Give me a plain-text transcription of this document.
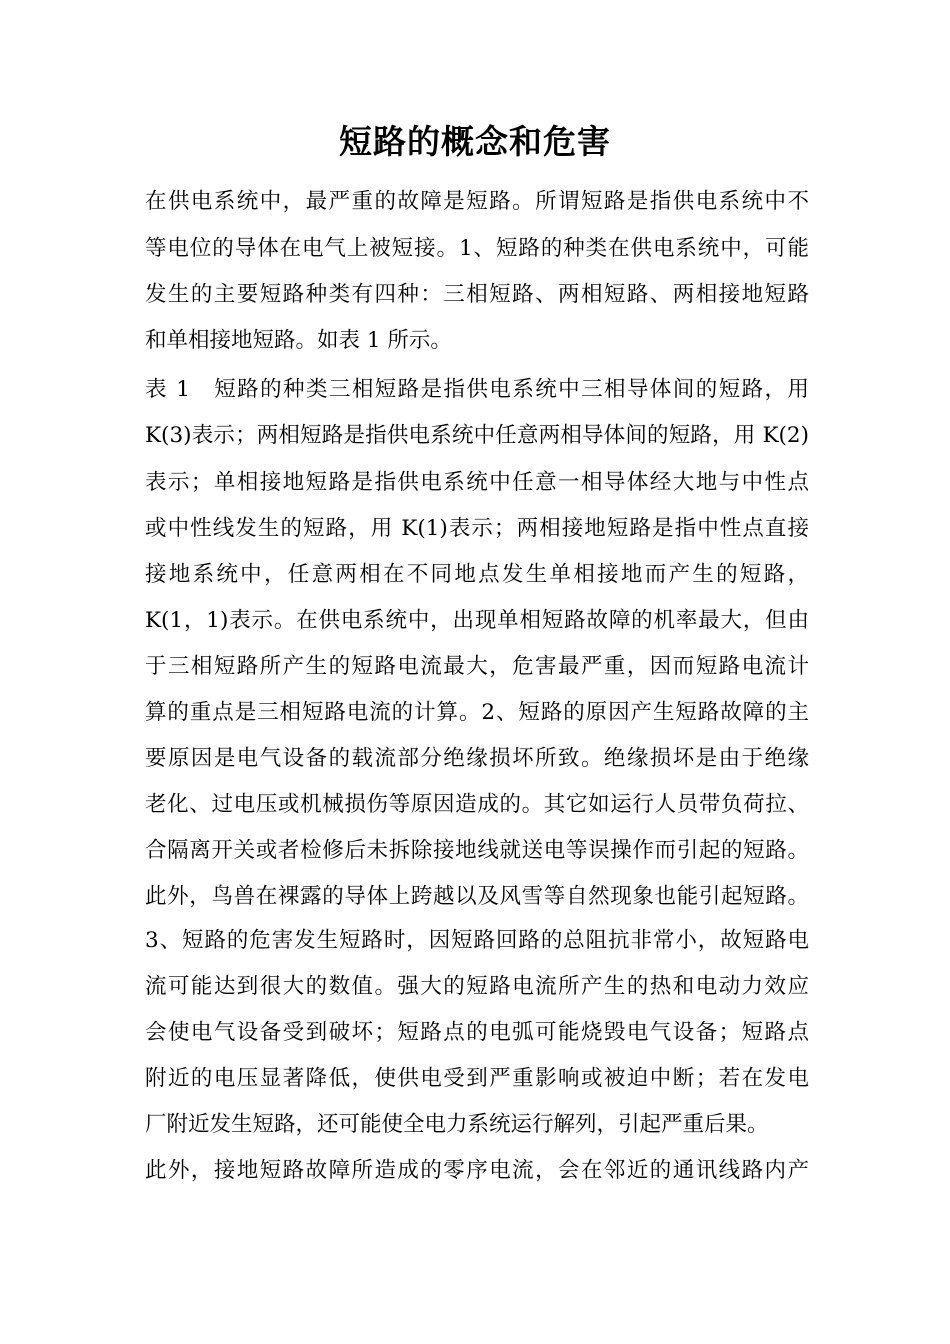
短路的概念和危害
在供电系统中，最严重的故障是短路。所谓短路是指供电系统中不
等电位的导体在电气上被短接。1、短路的种类在供电系统中，可能
发生的主要短路种类有四种：三相短路、两相短路、两相接地短路
和单相接地短路。如表 1 所示。
表 1　短路的种类三相短路是指供电系统中三相导体间的短路，用
K(3)表示；两相短路是指供电系统中任意两相导体间的短路，用 K(2)
表示；单相接地短路是指供电系统中任意一相导体经大地与中性点
或中性线发生的短路，用 K(1)表示；两相接地短路是指中性点直接
接地系统中，任意两相在不同地点发生单相接地而产生的短路，
K(1，1)表示。在供电系统中，出现单相短路故障的机率最大，但由
于三相短路所产生的短路电流最大，危害最严重，因而短路电流计
算的重点是三相短路电流的计算。2、短路的原因产生短路故障的主
要原因是电气设备的载流部分绝缘损坏所致。绝缘损坏是由于绝缘
老化、过电压或机械损伤等原因造成的。其它如运行人员带负荷拉、
合隔离开关或者检修后未拆除接地线就送电等误操作而引起的短路。
此外，鸟兽在裸露的导体上跨越以及风雪等自然现象也能引起短路。
3、短路的危害发生短路时，因短路回路的总阻抗非常小，故短路电
流可能达到很大的数值。强大的短路电流所产生的热和电动力效应
会使电气设备受到破坏；短路点的电弧可能烧毁电气设备；短路点
附近的电压显著降低，使供电受到严重影响或被迫中断；若在发电
厂附近发生短路，还可能使全电力系统运行解列，引起严重后果。
此外，接地短路故障所造成的零序电流，会在邻近的通讯线路内产
